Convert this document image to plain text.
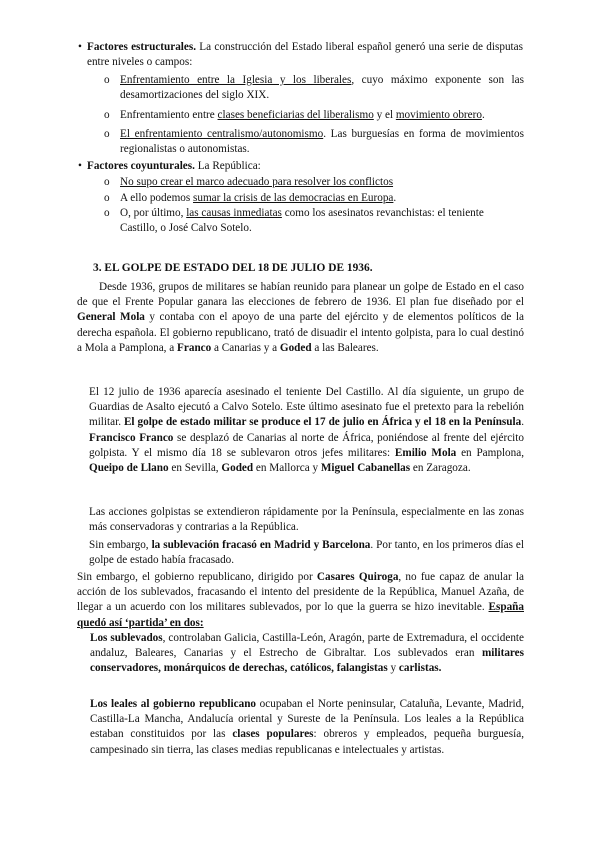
• Factores estructurales. La construcción del Estado liberal español generó una serie de disputas entre niveles o campos:
o Enfrentamiento entre la Iglesia y los liberales, cuyo máximo exponente son las desamortizaciones del siglo XIX.
o Enfrentamiento entre clases beneficiarias del liberalismo y el movimiento obrero.
o El enfrentamiento centralismo/autonomismo. Las burguesías en forma de movimientos regionalistas o autonomistas.
• Factores coyunturales. La República:
o No supo crear el marco adecuado para resolver los conflictos
o A ello podemos sumar la crisis de las democracias en Europa.
o O, por último, las causas inmediatas como los asesinatos revanchistas: el teniente Castillo, o José Calvo Sotelo.
3. EL GOLPE DE ESTADO DEL 18 DE JULIO DE 1936.

Desde 1936, grupos de militares se habían reunido para planear un golpe de Estado en el caso de que el Frente Popular ganara las elecciones de febrero de 1936. El plan fue diseñado por el General Mola y contaba con el apoyo de una parte del ejército y de elementos políticos de la derecha española. El gobierno republicano, trató de disuadir el intento golpista, para lo cual destinó a Mola a Pamplona, a Franco a Canarias y a Goded a las Baleares.

El 12 julio de 1936 aparecía asesinado el teniente Del Castillo. Al día siguiente, un grupo de Guardias de Asalto ejecutó a Calvo Sotelo. Este último asesinato fue el pretexto para la rebelión militar. El golpe de estado militar se produce el 17 de julio en África y el 18 en la Península. Francisco Franco se desplazó de Canarias al norte de África, poniéndose al frente del ejército golpista. Y el mismo día 18 se sublevaron otros jefes militares: Emilio Mola en Pamplona, Queipo de Llano en Sevilla, Goded en Mallorca y Miguel Cabanellas en Zaragoza.

Las acciones golpistas se extendieron rápidamente por la Península, especialmente en las zonas más conservadoras y contrarias a la República.

Sin embargo, la sublevación fracasó en Madrid y Barcelona. Por tanto, en los primeros días el golpe de estado había fracasado.

Sin embargo, el gobierno republicano, dirigido por Casares Quiroga, no fue capaz de anular la acción de los sublevados, fracasando el intento del presidente de la República, Manuel Azaña, de llegar a un acuerdo con los militares sublevados, por lo que la guerra se hizo inevitable. España quedó así ‘partida’ en dos:

Los sublevados, controlaban Galicia, Castilla-León, Aragón, parte de Extremadura, el occidente andaluz, Baleares, Canarias y el Estrecho de Gibraltar. Los sublevados eran militares conservadores, monárquicos de derechas, católicos, falangistas y carlistas.
Los leales al gobierno republicano ocupaban el Norte peninsular, Cataluña, Levante, Madrid, Castilla-La Mancha, Andalucía oriental y Sureste de la Península. Los leales a la República estaban constituidos por las clases populares: obreros y empleados, pequeña burguesía, campesinado sin tierra, las clases medias republicanas e intelectuales y artistas.
